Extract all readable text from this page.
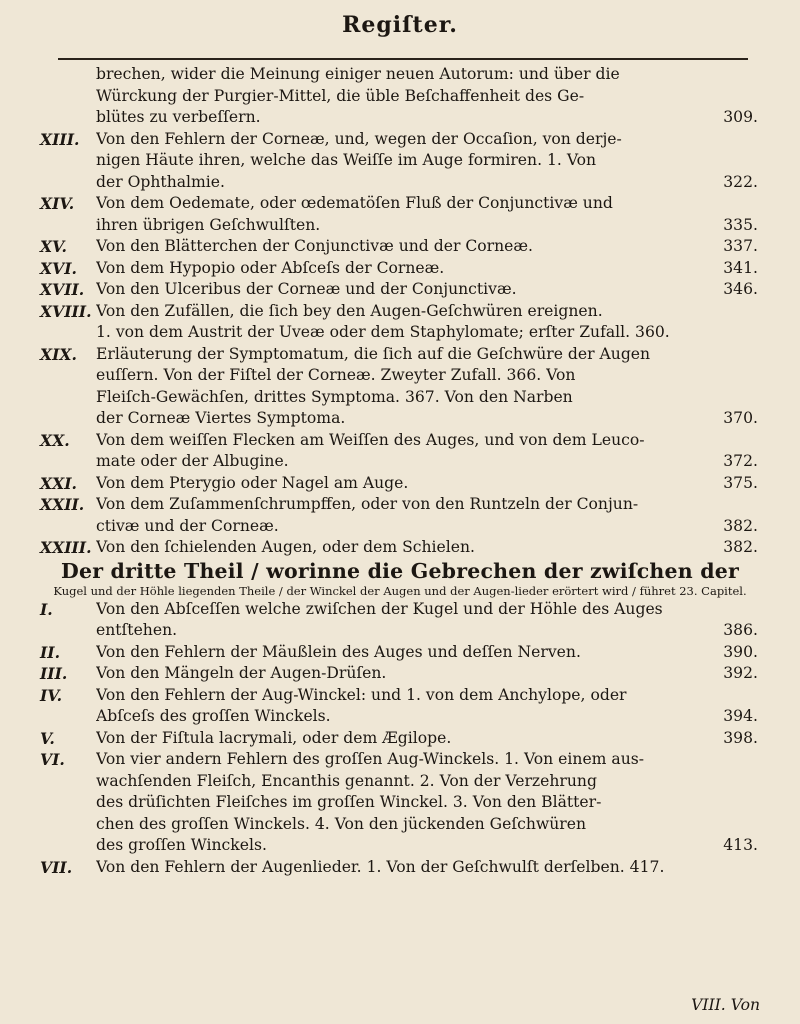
Regiſter.
brechen, wider die Meinung einiger neuen Autorum: und über die
Würckung der Purgier-Mittel, die üble Beſchaffenheit des Ge-
blütes zu verbeſſern.	309.
XIII.	Von den Fehlern der Corneæ, und, wegen der Occaſion, von derje-
nigen Häute ihren, welche das Weiſſe im Auge formiren. 1. Von
der Ophthalmie.	322.
XIV.	Von dem Oedemate, oder œdematöſen Fluß der Conjunctivæ und
ihren übrigen Geſchwulſten.	335.
XV.	Von den Blätterchen der Conjunctivæ und der Corneæ.	337.
XVI.	Von dem Hypopio oder Abſceſs der Corneæ.	341.
XVII. Von den Ulceribus der Corneæ und der Conjunctivæ.	346.
XVIII. Von den Zufällen, die ſich bey den Augen-Geſchwüren ereignen.
1. von dem Austrit der Uveæ oder dem Staphylomate; erſter Zufall. 360.
XIX.	Erläuterung der Symptomatum, die ſich auf die Geſchwüre der Augen
euſſern. Von der Fiſtel der Corneæ. Zweyter Zufall. 366. Von
Fleiſch-Gewächſen, drittes Symptoma. 367. Von den Narben
der Corneæ Viertes Symptoma.	370.
XX.	Von dem weiſſen Flecken am Weiſſen des Auges, und von dem Leuco-
mate oder der Albugine.	372.
XXI.	Von dem Pterygio oder Nagel am Auge.	375.
XXII. Von dem Zuſammenſchrumpffen, oder von den Runtzeln der Conjun-
ctivæ und der Corneæ.	382.
XXIII. Von den ſchielenden Augen, oder dem Schielen.	382.
Der dritte Theil / worinne die Gebrechen der zwiſchen der
Kugel und der Höhle liegenden Theile / der Winckel der Augen und der Augen-lieder erörtert wird / führet 23. Capitel.
I.	Von den Abſceſſen welche zwiſchen der Kugel und der Höhle des Auges
entſtehen.	386.
II.	Von den Fehlern der Mäußlein des Auges und deſſen Nerven.	390.
III.	Von den Mängeln der Augen-Drüſen.	392.
IV.	Von den Fehlern der Aug-Winckel: und 1. von dem Anchylope, oder
Abſceſs des groſſen Winckels.	394.
V.	Von der Fiſtula lacrymali, oder dem Ægilope.	398.
VI.	Von vier andern Fehlern des groſſen Aug-Winckels. 1. Von einem aus-
wachſenden Fleiſch, Encanthis genannt. 2. Von der Verzehrung
des drüſichten Fleiſches im groſſen Winckel. 3. Von den Blätter-
chen des groſſen Winckels. 4. Von den jückenden Geſchwüren
des groſſen Winckels.	413.
VII.	Von den Fehlern der Augenlieder. 1. Von der Geſchwulſt derſelben. 417.
VIII. Von
